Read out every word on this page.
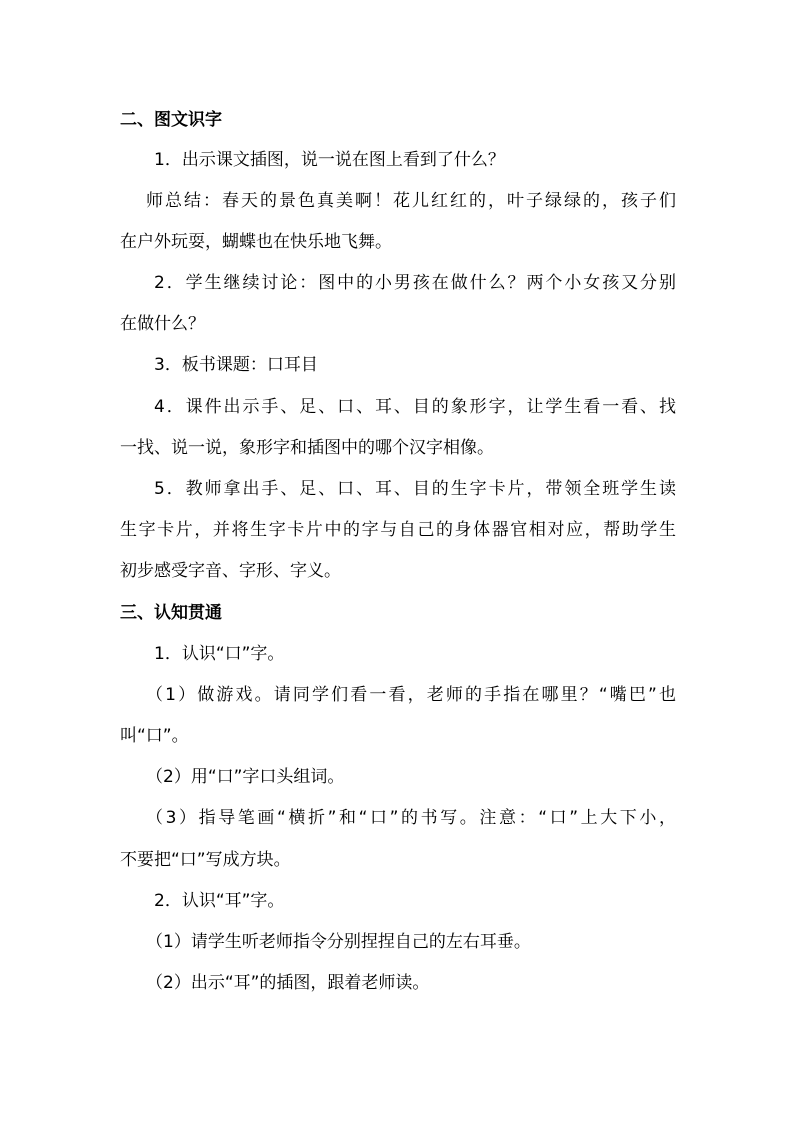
二、图文识字
1．出示课文插图，说一说在图上看到了什么？
师总结：春天的景色真美啊！花儿红红的，叶子绿绿的，孩子们
在户外玩耍，蝴蝶也在快乐地飞舞。
2．学生继续讨论：图中的小男孩在做什么？两个小女孩又分别
在做什么？
3．板书课题：口耳目
4．课件出示手、足、口、耳、目的象形字，让学生看一看、找
一找、说一说，象形字和插图中的哪个汉字相像。
5．教师拿出手、足、口、耳、目的生字卡片，带领全班学生读
生字卡片，并将生字卡片中的字与自己的身体器官相对应，帮助学生
初步感受字音、字形、字义。
三、认知贯通
1．认识“口”字。
（1）做游戏。请同学们看一看，老师的手指在哪里？“嘴巴”也
叫“口”。
（2）用“口”字口头组词。
（3）指导笔画“横折”和“口”的书写。注意：“口”上大下小，
不要把“口”写成方块。
2．认识“耳”字。
（1）请学生听老师指令分别捏捏自己的左右耳垂。
（2）出示“耳”的插图，跟着老师读。
